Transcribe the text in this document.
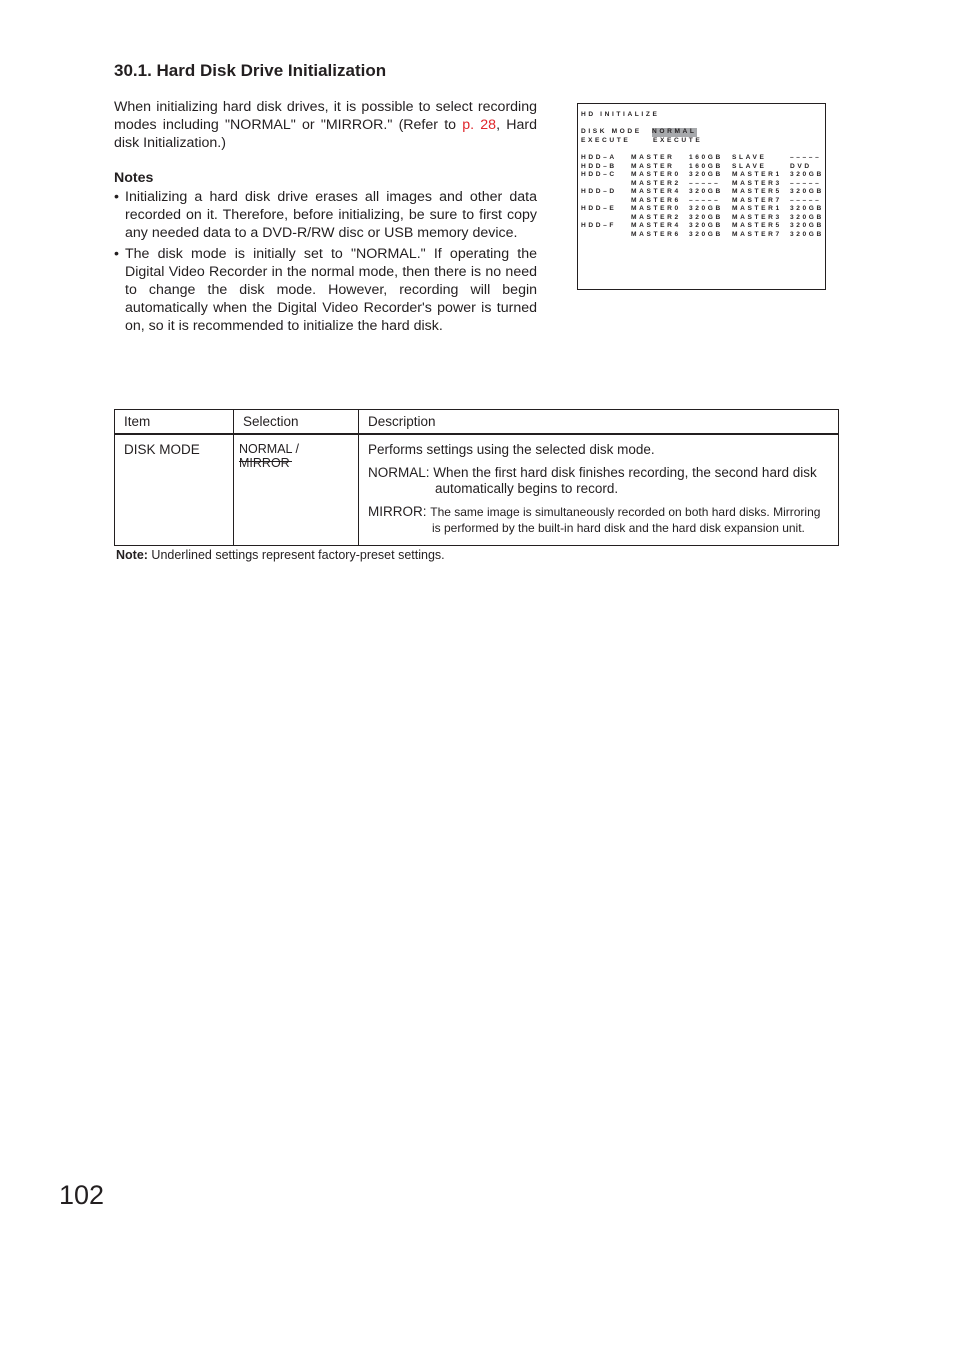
30.1. Hard Disk Drive Initialization

When initializing hard disk drives, it is possible to select recording modes including "NORMAL" or "MIRROR." (Refer to p. 28, Hard disk Initialization.)

Notes

• Initializing a hard disk drive erases all images and other data recorded on it. Therefore, before initializing, be sure to first copy any needed data to a DVD-R/RW disc or USB memory device.
• The disk mode is initially set to "NORMAL." If operating the Digital Video Recorder in the normal mode, then there is no need to change the disk mode. However, recording will begin automatically when the Digital Video Recorder's power is turned on, so it is recommended to initialize the hard disk.
HD INITIALIZE
DISK MODE NORMAL
EXECUTE	EXECUTE
HDD–A MASTER 160GB SLAVE	–––––
HDD–B MASTER 160GB SLAVE	DVD
HDD–C MASTER0 320GB MASTER1 320GB
MASTER2 ––––– MASTER3 –––––
HDD–D MASTER4 320GB MASTER5 320GB
MASTER6 ––––– MASTER7 –––––
HDD–E MASTER0 320GB MASTER1 320GB
MASTER2 320GB MASTER3 320GB
HDD–F MASTER4 320GB MASTER5 320GB
MASTER6 320GB MASTER7 320GB
Item	Selection	Description
DISK MODE	NORMAL / MIRROR	Performs settings using the selected disk mode.

NORMAL: When the first hard disk finishes recording, the second hard disk
automatically begins to record.

MIRROR: The same image is simultaneously recorded on both hard disks. Mirroring
is performed by the built-in hard disk and the hard disk expansion unit.

Note: Underlined settings represent factory-preset settings.

102
